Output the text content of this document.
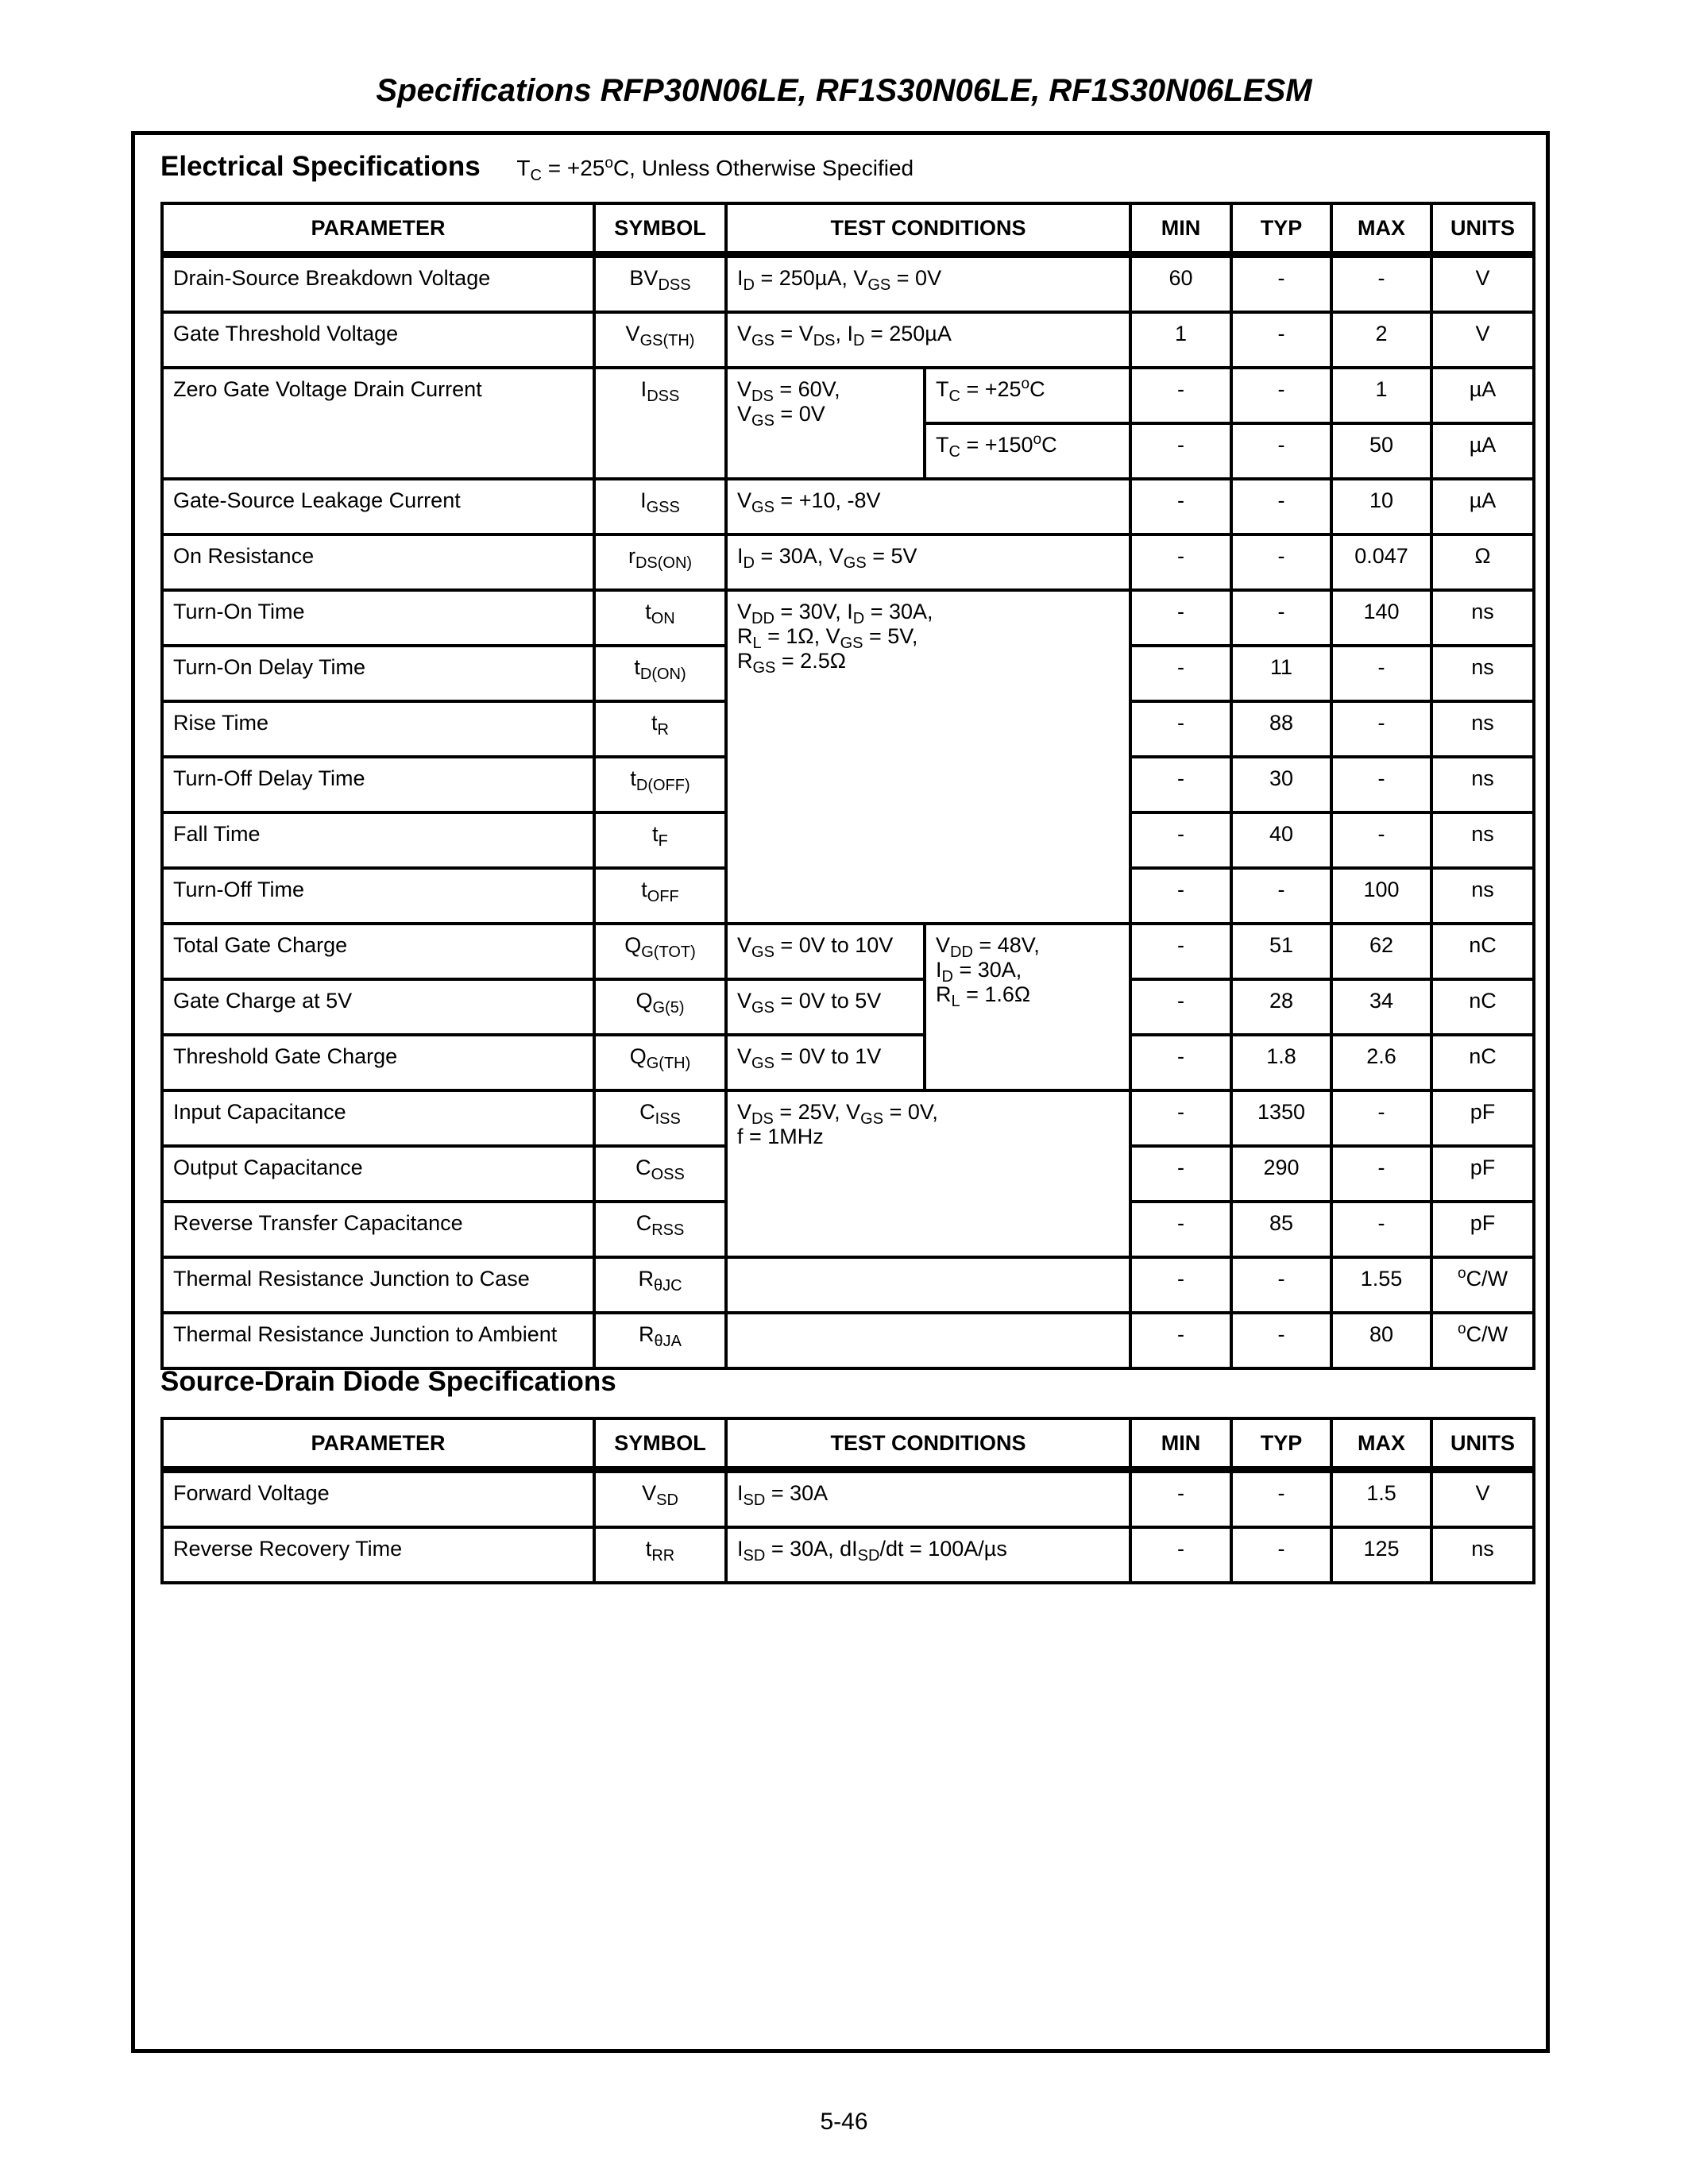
Specifications RFP30N06LE, RF1S30N06LE, RF1S30N06LESM
Electrical Specifications $T_C = +25^oC$, Unless Otherwise Specified
PARAMETER	SYMBOL	TEST CONDITIONS		MIN	TYP	MAX	UNITS
Drain-Source Breakdown Voltage	$BV_{DSS}$	$I_D = 250\mu A$, $V_{GS} = 0V$		60	-	-	V
Gate Threshold Voltage	$V_{GS(TH)}$	$V_{GS} = V_{DS}$, $I_D = 250\mu A$		1	-	2	V
Zero Gate Voltage Drain Current	$I_{DSS}$	$V_{DS} = 60V$,
$V_{GS} = 0V$	$T_C = +25^oC$	-	-	1	µA
			$T_C = +150^oC$	-	-	50	µA
Gate-Source Leakage Current	$I_{GSS}$	$V_{GS} = +10$, -8V		-	-	10	µA
On Resistance	$r_{DS(ON)}$	$I_D = 30A$, $V_{GS} = 5V$		-	-	0.047	Ω
Turn-On Time	$t_{ON}$	$V_{DD} = 30V$, $I_D = 30A$,
$R_L = 1\Omega$, $V_{GS} = 5V$,
$R_{GS} = 2.5\Omega$		-	-	140	ns
Turn-On Delay Time	$t_{D(ON)}$			-	11	-	ns
Rise Time	$t_R$			-	88	-	ns
Turn-Off Delay Time	$t_{D(OFF)}$			-	30	-	ns
Fall Time	$t_F$			-	40	-	ns
Turn-Off Time	$t_{OFF}$			-	-	100	ns
Total Gate Charge	$Q_{G(TOT)}$	$V_{GS} = 0V$ to 10V	$V_{DD} = 48V$,
$I_D = 30A$,
$R_L = 1.6\Omega$	-	51	62	nC
Gate Charge at 5V	$Q_{G(5)}$	$V_{GS} = 0V$ to 5V		-	28	34	nC
Threshold Gate Charge	$Q_{G(TH)}$	$V_{GS} = 0V$ to 1V		-	1.8	2.6	nC
Input Capacitance	$C_{ISS}$	$V_{DS} = 25V$, $V_{GS} = 0V$,
f = 1MHz		-	1350	-	pF
Output Capacitance	$C_{OSS}$			-	290	-	pF
Reverse Transfer Capacitance	$C_{RSS}$			-	85	-	pF
Thermal Resistance Junction to Case	$R_{\theta JC}$			-	-	1.55	$^o$C/W
Thermal Resistance Junction to Ambient	$R_{\theta JA}$			-	-	80	$^o$C/W
Source-Drain Diode Specifications
PARAMETER	SYMBOL	TEST CONDITIONS	MIN	TYP	MAX	UNITS
Forward Voltage	$V_{SD}$	$I_{SD} = 30A$	-	-	1.5	V
Reverse Recovery Time	$t_{RR}$	$I_{SD} = 30A$, $dI_{SD}/dt = 100A/\mu s$	-	-	125	ns
5-46
